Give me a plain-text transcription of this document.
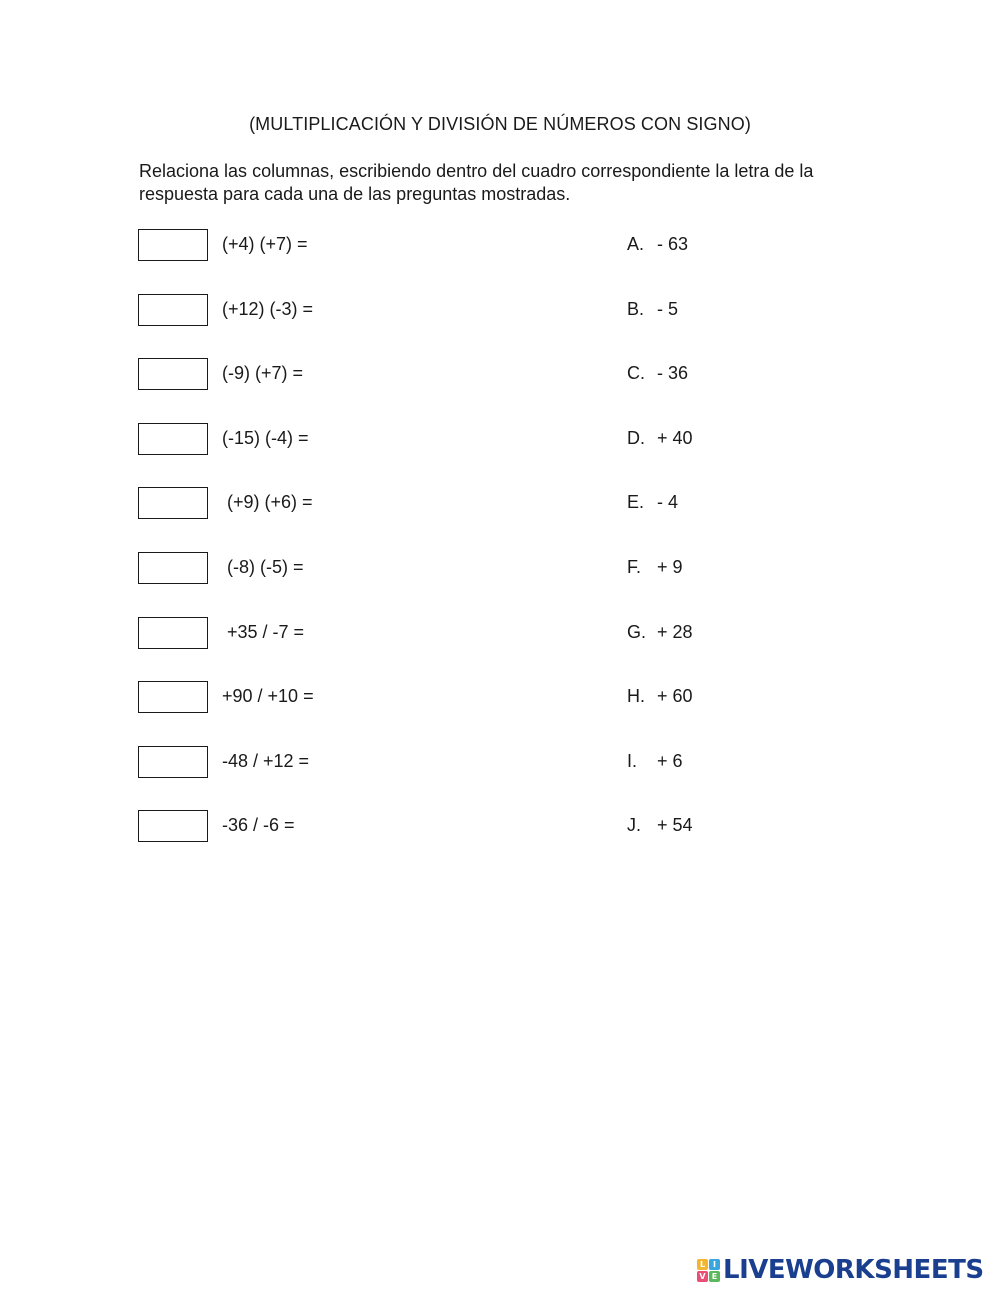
(MULTIPLICACIÓN Y DIVISIÓN DE NÚMEROS CON SIGNO)
Relaciona las columnas, escribiendo dentro del cuadro correspondiente la letra de la respuesta para cada una de las preguntas mostradas.
(+4) (+7) =	A. - 63
(+12) (-3) =	B. - 5
(-9) (+7) =	C. - 36
(-15) (-4) =	D. + 40
(+9) (+6) =	E. - 4
(-8) (-5) =	F. + 9
+35 / -7 =	G. + 28
+90 / +10 =	H. + 60
-48 / +12 =	I. + 6
-36 / -6 =	J. + 54
L I
V E LIVEWORKSHEETS
